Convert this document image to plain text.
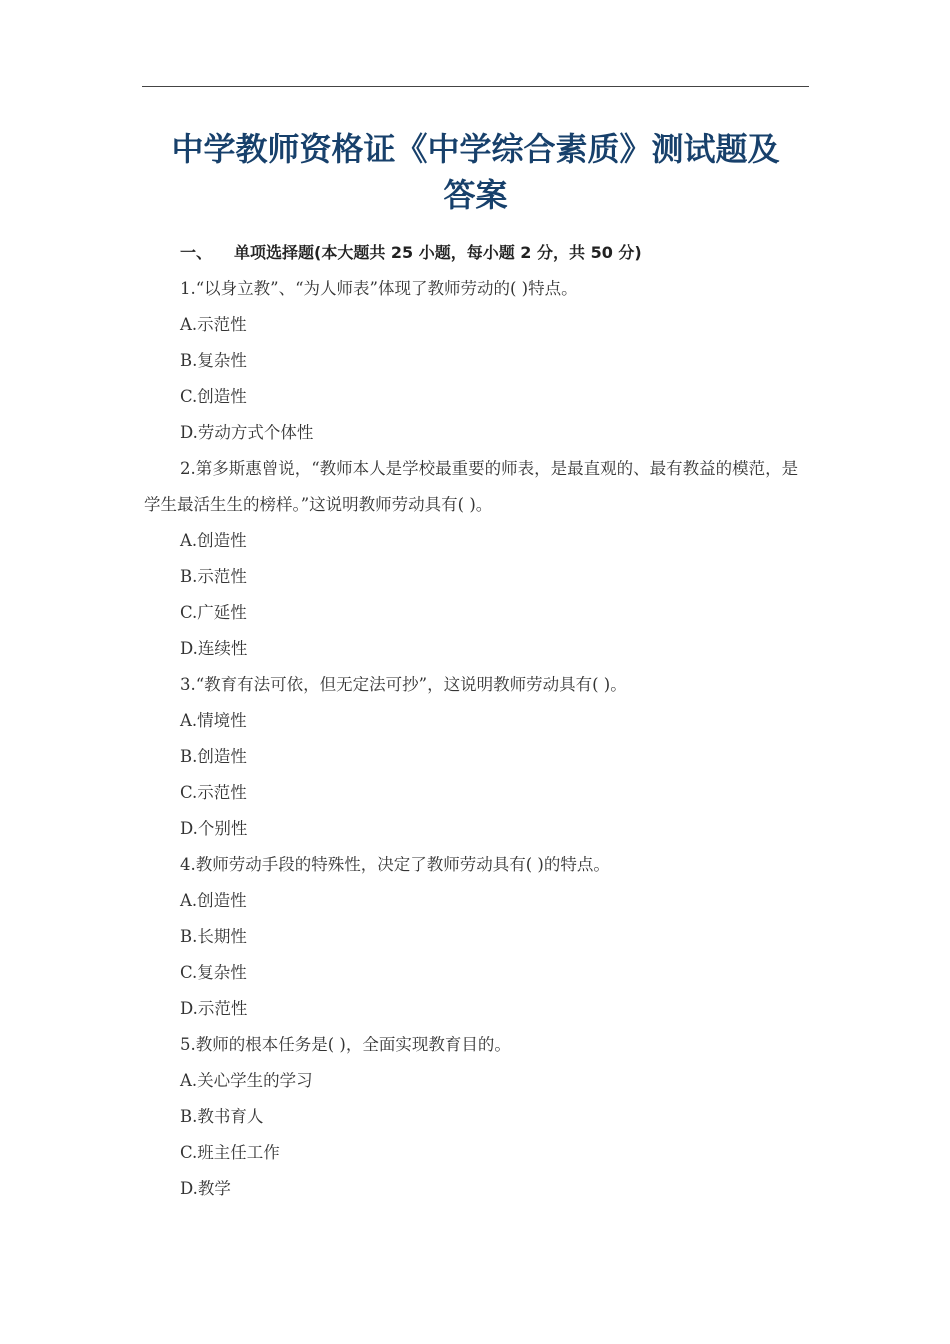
中学教师资格证《中学综合素质》测试题及
答案

一、 单项选择题(本大题共 25 小题，每小题 2 分，共 50 分)

1.“以身立教”、“为人师表”体现了教师劳动的( )特点。

A.示范性

B.复杂性

C.创造性

D.劳动方式个体性

2.第多斯惠曾说，“教师本人是学校最重要的师表，是最直观的、最有教益的模范，是学生最活生生的榜样。”这说明教师劳动具有( )。

A.创造性

B.示范性

C.广延性

D.连续性

3.“教育有法可依，但无定法可抄”，这说明教师劳动具有( )。

A.情境性

B.创造性

C.示范性

D.个别性

4.教师劳动手段的特殊性，决定了教师劳动具有( )的特点。

A.创造性

B.长期性

C.复杂性

D.示范性

5.教师的根本任务是( )，全面实现教育目的。

A.关心学生的学习

B.教书育人

C.班主任工作

D.教学
